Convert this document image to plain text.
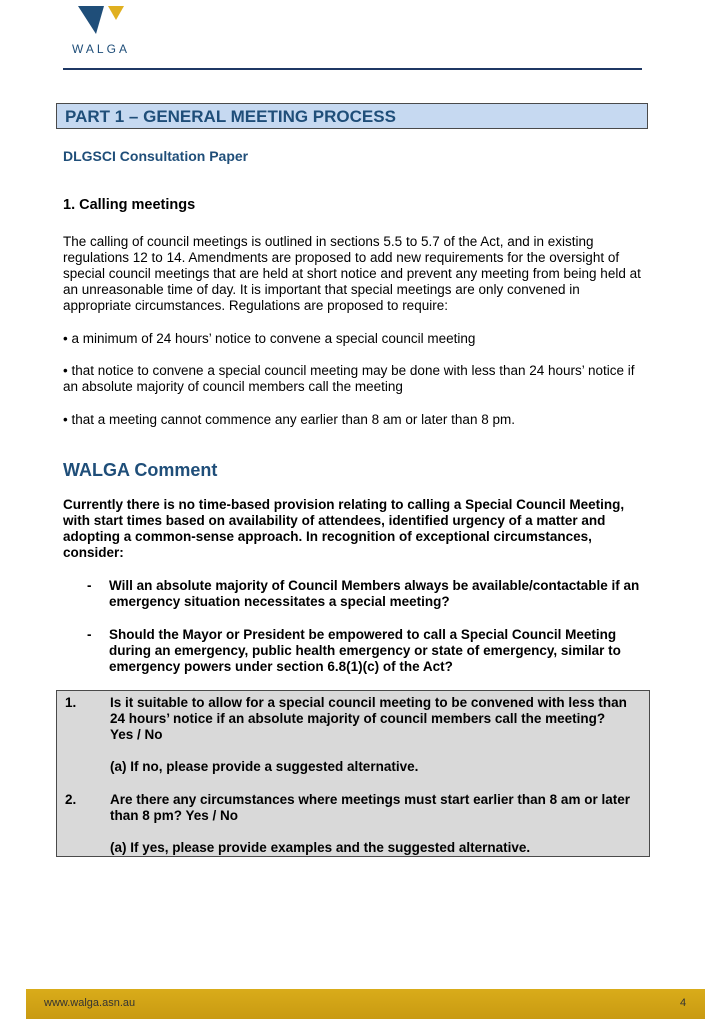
WALGA
PART 1 – GENERAL MEETING PROCESS
DLGSCI Consultation Paper
1. Calling meetings

The calling of council meetings is outlined in sections 5.5 to 5.7 of the Act, and in existing regulations 12 to 14. Amendments are proposed to add new requirements for the oversight of special council meetings that are held at short notice and prevent any meeting from being held at an unreasonable time of day. It is important that special meetings are only convened in appropriate circumstances. Regulations are proposed to require:

• a minimum of 24 hours’ notice to convene a special council meeting

• that notice to convene a special council meeting may be done with less than 24 hours’ notice if an absolute majority of council members call the meeting

• that a meeting cannot commence any earlier than 8 am or later than 8 pm.

WALGA Comment

Currently there is no time-based provision relating to calling a Special Council Meeting, with start times based on availability of attendees, identified urgency of a matter and adopting a common-sense approach. In recognition of exceptional circumstances, consider:

- Will an absolute majority of Council Members always be available/contactable if an emergency situation necessitates a special meeting?
- Should the Mayor or President be empowered to call a Special Council Meeting during an emergency, public health emergency or state of emergency, similar to emergency powers under section 6.8(1)(c) of the Act?
1. Is it suitable to allow for a special council meeting to be convened with less than 24 hours’ notice if an absolute majority of council members call the meeting? Yes / No
(a) If no, please provide a suggested alternative.
2. Are there any circumstances where meetings must start earlier than 8 am or later than 8 pm? Yes / No
(a) If yes, please provide examples and the suggested alternative.
www.walga.asn.au	4
